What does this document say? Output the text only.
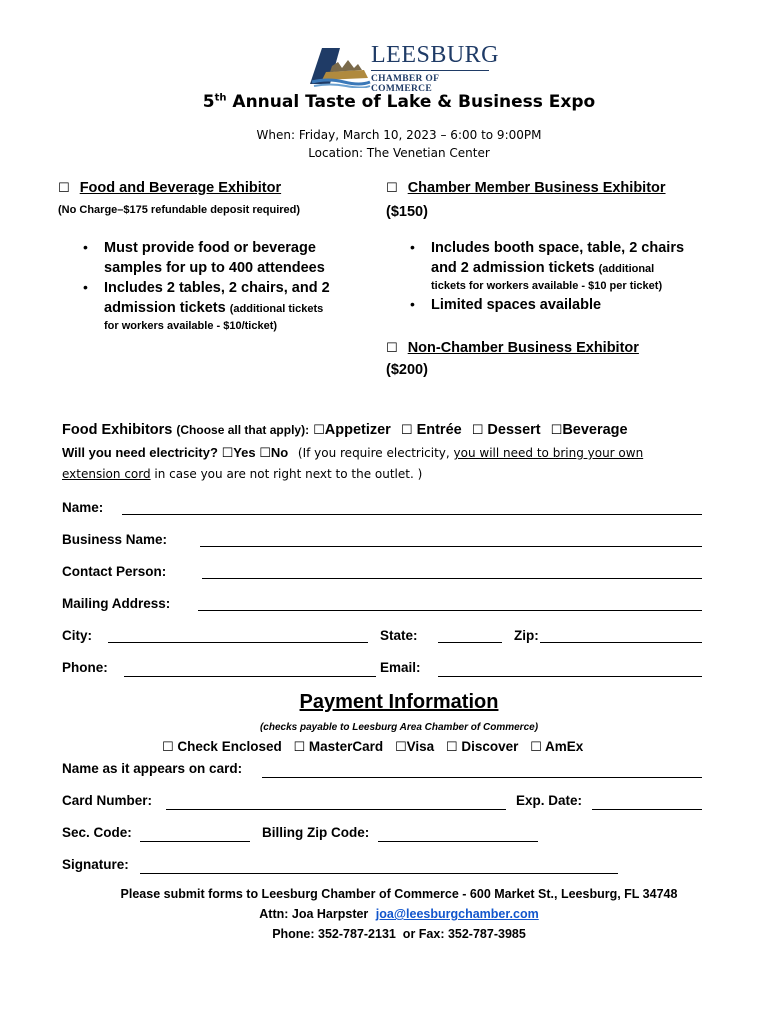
LEESBURG
CHAMBER OF COMMERCE
5th Annual Taste of Lake & Business Expo
When: Friday, March 10, 2023 – 6:00 to 9:00PM
Location: The Venetian Center
☐ Food and Beverage Exhibitor
(No Charge–$175 refundable deposit required)
• Must provide food or beverage
samples for up to 400 attendees
• Includes 2 tables, 2 chairs, and 2
admission tickets (additional tickets
for workers available - $10/ticket)
☐ Chamber Member Business Exhibitor
($150)
• Includes booth space, table, 2 chairs
and 2 admission tickets (additional
tickets for workers available - $10 per ticket)
• Limited spaces available
☐ Non-Chamber Business Exhibitor
($200)
Food Exhibitors (Choose all that apply): ☐Appetizer ☐ Entrée ☐ Dessert ☐Beverage
Will you need electricity? ☐Yes ☐No (If you require electricity, you will need to bring your own
extension cord in case you are not right next to the outlet. )
Name:
Business Name:
Contact Person:
Mailing Address:
City:	State:	Zip:
Phone:	Email:
Payment Information
(checks payable to Leesburg Area Chamber of Commerce)
☐ Check Enclosed ☐ MasterCard ☐Visa ☐ Discover ☐ AmEx
Name as it appears on card:
Card Number:	Exp. Date:
Sec. Code:	Billing Zip Code:
Signature:
Please submit forms to Leesburg Chamber of Commerce - 600 Market St., Leesburg, FL 34748
Attn: Joa Harpster joa@leesburgchamber.com
Phone: 352-787-2131  or Fax: 352-787-3985
